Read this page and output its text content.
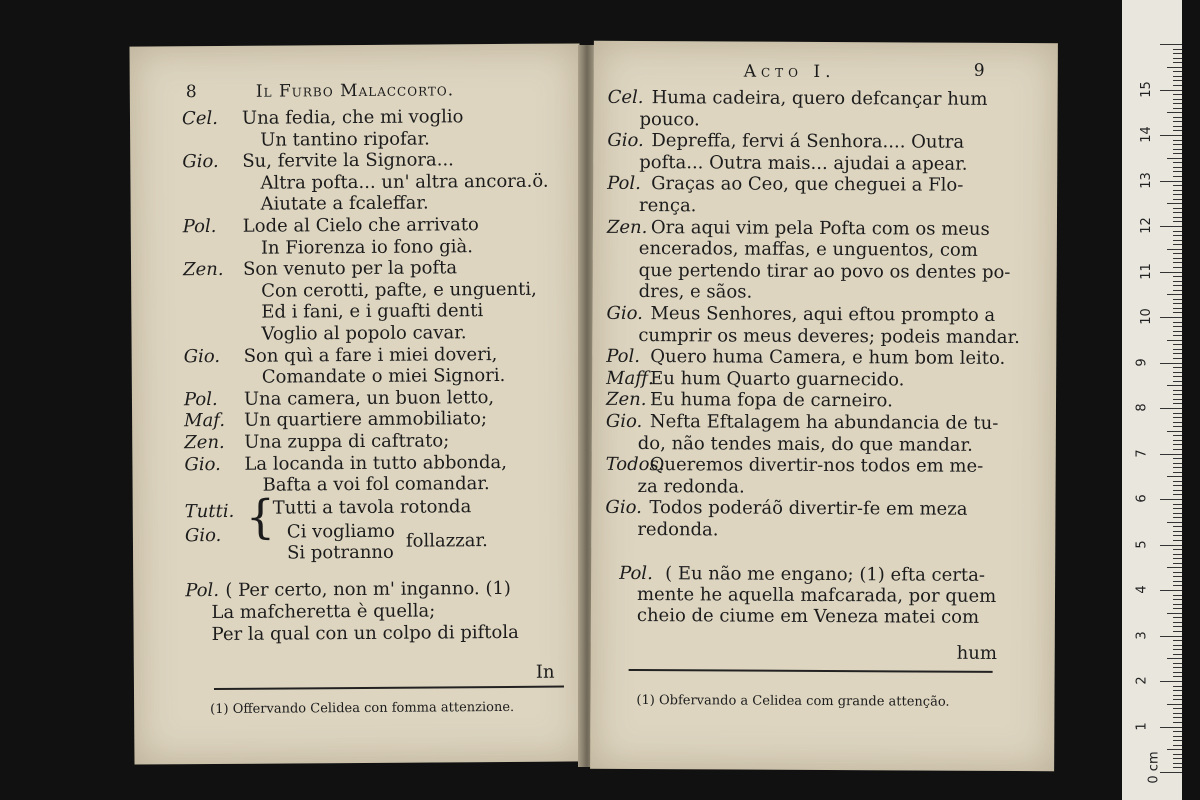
0 cm
1
2
3
4
5
6
7
8
9
10
11
12
13
14
15
8	Il Furbo Malaccorto.
Cel. Una fedia, che mi voglio
Un tantino ripofar.
Gio. Su, fervite la Signora...
Altra pofta... un' altra ancora.ö.
Aiutate a fcaleffar.
Pol. Lode al Cielo che arrivato
In Fiorenza io fono già.
Zen. Son venuto per la pofta
Con cerotti, pafte, e unguenti,
Ed i fani, e i guafti denti
Voglio al popolo cavar.
Gio. Son quì a fare i miei doveri,
Comandate o miei Signori.
Pol. Una camera, un buon letto,
Maf. Un quartiere ammobiliato;
Zen. Una zuppa di caftrato;
Gio. La locanda in tutto abbonda,
Bafta a voi fol comandar.
Tutti.
Gio. {
Tutti a tavola rotonda
Ci vogliamo
Si potranno
follazzar.
Pol. ( Per certo, non m' inganno. (1)
La mafcheretta è quella;
Per la qual con un colpo di piftola
In
(1) Offervando Celidea con fomma attenzione.
Acto I.	9
Cel. Huma cadeira, quero defcançar hum
pouco.
Gio. Depreffa, fervi á Senhora.... Outra
pofta... Outra mais... ajudai a apear.
Pol. Graças ao Ceo, que cheguei a Flo-
rença.
Zen. Ora aqui vim pela Pofta com os meus
encerados, maffas, e unguentos, com
que pertendo tirar ao povo os dentes po-
dres, e sãos.
Gio. Meus Senhores, aqui eftou prompto a
cumprir os meus deveres; podeis mandar.
Pol. Quero huma Camera, e hum bom leito.
Maff.
Eu hum Quarto guarnecido.
Zen. Eu huma fopa de carneiro.
Gio. Nefta Eftalagem ha abundancia de tu-
do, não tendes mais, do que mandar.
Todos.
Queremos divertir-nos todos em me-
za redonda.
Gio. Todos poderáõ divertir-fe em meza
redonda.
Pol. ( Eu não me engano; (1) efta certa-
mente he aquella mafcarada, por quem
cheio de ciume em Veneza matei com
hum
(1) Obfervando a Celidea com grande attenção.
